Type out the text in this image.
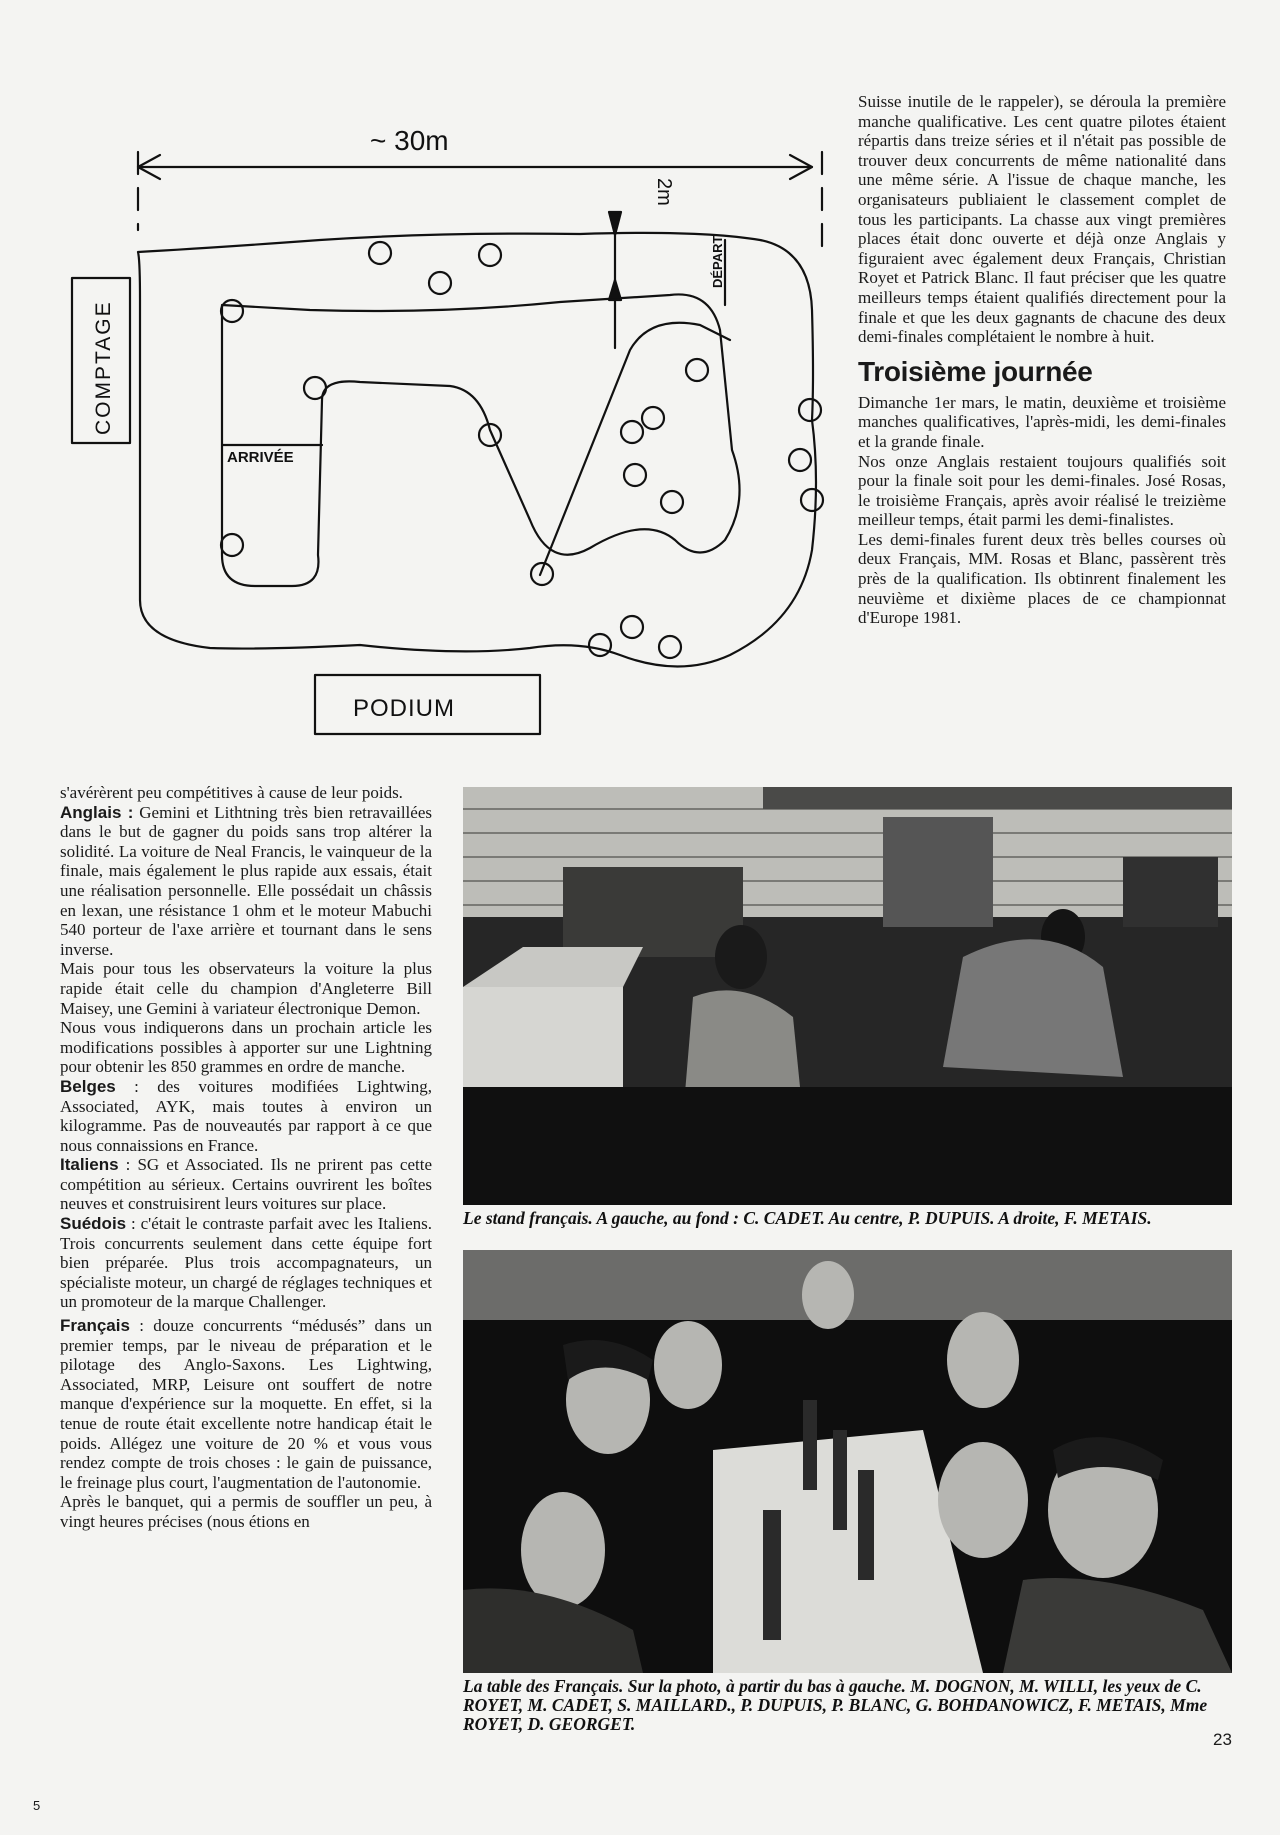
~ 30m
2m
DÉPART
ARRIVÉE
COMPTAGE
PODIUM

Suisse inutile de le rappeler), se déroula la première manche qualificative. Les cent quatre pilotes étaient répartis dans treize séries et il n'était pas possible de trouver deux concurrents de même nationalité dans une même série. A l'issue de chaque manche, les organisateurs publiaient le classement complet de tous les participants. La chasse aux vingt premières places était donc ouverte et déjà onze Anglais y figuraient avec également deux Français, Christian Royet et Patrick Blanc. Il faut préciser que les quatre meilleurs temps étaient qualifiés directement pour la finale et que les deux gagnants de chacune des deux demi-finales complétaient le nombre à huit.

Troisième journée

Dimanche 1er mars, le matin, deuxième et troisième manches qualificatives, l'après-midi, les demi-finales et la grande finale.

Nos onze Anglais restaient toujours qualifiés soit pour la finale soit pour les demi-finales. José Rosas, le troisième Français, après avoir réalisé le treizième meilleur temps, était parmi les demi-finalistes.

Les demi-finales furent deux très belles courses où deux Français, MM. Rosas et Blanc, passèrent très près de la qualification. Ils obtinrent finalement les neuvième et dixième places de ce championnat d'Europe 1981.

s'avérèrent peu compétitives à cause de leur poids.

Anglais : Gemini et Lithtning très bien retravaillées dans le but de gagner du poids sans trop altérer la solidité. La voiture de Neal Francis, le vainqueur de la finale, mais également le plus rapide aux essais, était une réalisation personnelle. Elle possédait un châssis en lexan, une résistance 1 ohm et le moteur Mabuchi 540 porteur de l'axe arrière et tournant dans le sens inverse.

Mais pour tous les observateurs la voiture la plus rapide était celle du champion d'Angleterre Bill Maisey, une Gemini à variateur électronique Demon.

Nous vous indiquerons dans un prochain article les modifications possibles à apporter sur une Lightning pour obtenir les 850 grammes en ordre de manche.

Belges : des voitures modifiées Lightwing, Associated, AYK, mais toutes à environ un kilogramme. Pas de nouveautés par rapport à ce que nous connaissions en France.

Italiens : SG et Associated. Ils ne prirent pas cette compétition au sérieux. Certains ouvrirent les boîtes neuves et construisirent leurs voitures sur place.

Suédois : c'était le contraste parfait avec les Italiens. Trois concurrents seulement dans cette équipe fort bien préparée. Plus trois accompagnateurs, un spécialiste moteur, un chargé de réglages techniques et un promoteur de la marque Challenger.

Français : douze concurrents “médusés” dans un premier temps, par le niveau de préparation et le pilotage des Anglo-Saxons. Les Lightwing, Associated, MRP, Leisure ont souffert de notre manque d'expérience sur la moquette. En effet, si la tenue de route était excellente notre handicap était le poids. Allégez une voiture de 20 % et vous vous rendez compte de trois choses : le gain de puissance, le freinage plus court, l'augmentation de l'autonomie.

Après le banquet, qui a permis de souffler un peu, à vingt heures précises (nous étions en

Le stand français. A gauche, au fond : C. CADET. Au centre, P. DUPUIS. A droite, F. METAIS.
La table des Français. Sur la photo, à partir du bas à gauche. M. DOGNON, M. WILLI, les yeux de C. ROYET, M. CADET, S. MAILLARD., P. DUPUIS, P. BLANC, G. BOHDANOWICZ, F. METAIS, Mme ROYET, D. GEORGET.
23
5
